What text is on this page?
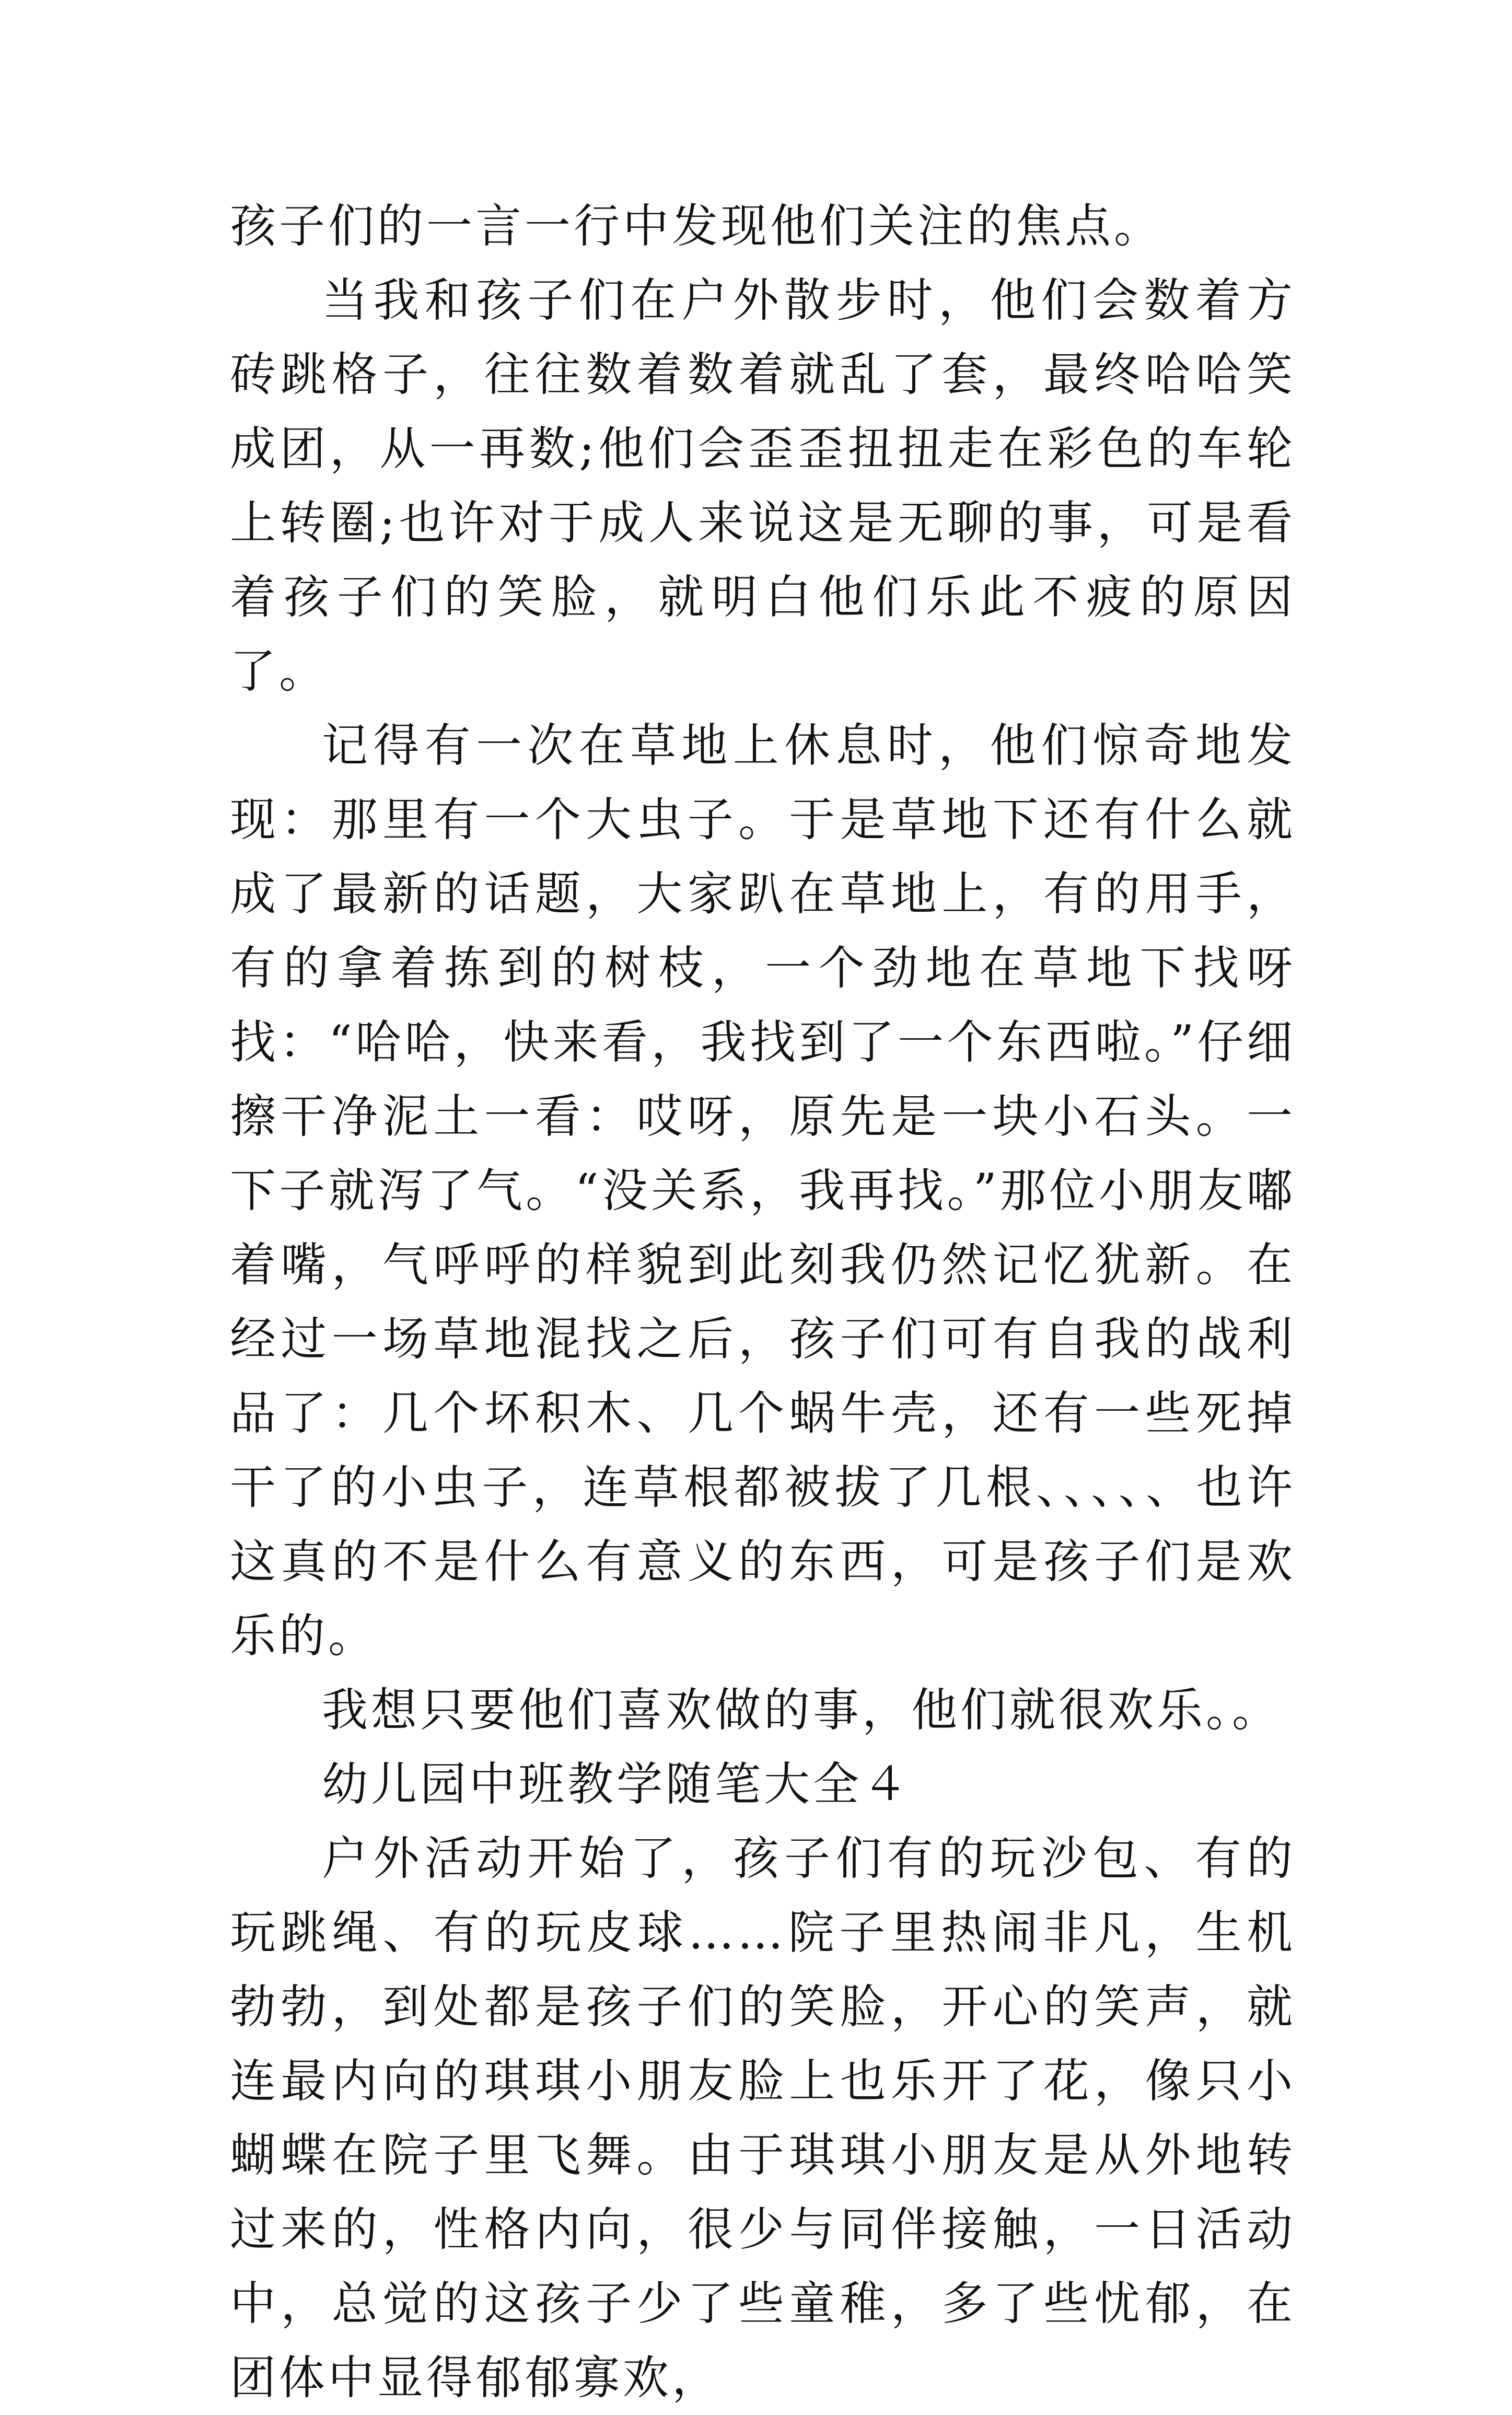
孩子们的一言一行中发现他们关注的焦点。

当我和孩子们在户外散步时，他们会数着方砖跳格子，往往数着数着就乱了套，最终哈哈笑成团，从一再数;他们会歪歪扭扭走在彩色的车轮上转圈;也许对于成人来说这是无聊的事，可是看着孩子们的笑脸，就明白他们乐此不疲的原因了。

记得有一次在草地上休息时，他们惊奇地发现：那里有一个大虫子。于是草地下还有什么就成了最新的话题，大家趴在草地上，有的用手，有的拿着拣到的树枝，一个劲地在草地下找呀找：“哈哈，快来看，我找到了一个东西啦。”仔细擦干净泥土一看：哎呀，原先是一块小石头。一下子就泻了气。“没关系，我再找。”那位小朋友嘟着嘴，气呼呼的样貌到此刻我仍然记忆犹新。在经过一场草地混找之后，孩子们可有自我的战利品了：几个坏积木、几个蜗牛壳，还有一些死掉干了的小虫子，连草根都被拔了几根、、、、、也许这真的不是什么有意义的东西，可是孩子们是欢乐的。

我想只要他们喜欢做的事，他们就很欢乐。。

幼儿园中班教学随笔大全４

户外活动开始了，孩子们有的玩沙包、有的玩跳绳、有的玩皮球……院子里热闹非凡，生机勃勃，到处都是孩子们的笑脸，开心的笑声，就连最内向的琪琪小朋友脸上也乐开了花，像只小蝴蝶在院子里飞舞。由于琪琪小朋友是从外地转过来的，性格内向，很少与同伴接触，一日活动中，总觉的这孩子少了些童稚，多了些忧郁，在团体中显得郁郁寡欢，
